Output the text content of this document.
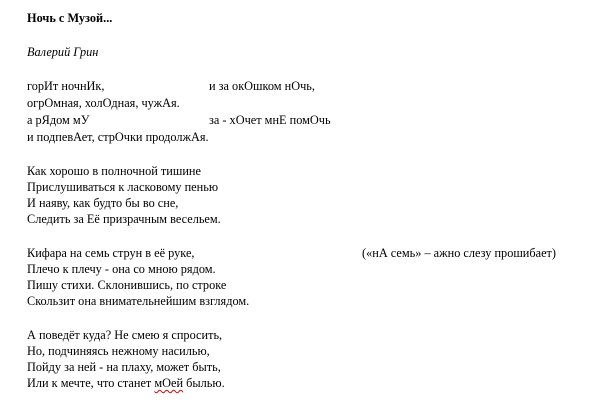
Ночь с Музой...
Валерий Грин
горИт ночнИк,	и за окОшком нОчь,
огрОмная, холОдная, чужАя.
а рЯдом мУ	за - хОчет мнЕ помОчь
и подпевАет, стрОчки продолжАя.
Как хорошо в полночной тишине
Прислушиваться к ласковому пенью
И наяву, как будто бы во сне,
Следить за Её призрачным весельем.
Кифара на семь струн в её руке,	(«нА семь» – ажно слезу прошибает)
Плечо к плечу - она со мною рядом.
Пишу стихи. Склонившись, по строке
Скользит она внимательнейшим взглядом.
А поведёт куда? Не смею я спросить,
Но, подчиняясь нежному насилью,
Пойду за ней - на плаху, может быть,
Или к мечте, что станет мОей былью.
